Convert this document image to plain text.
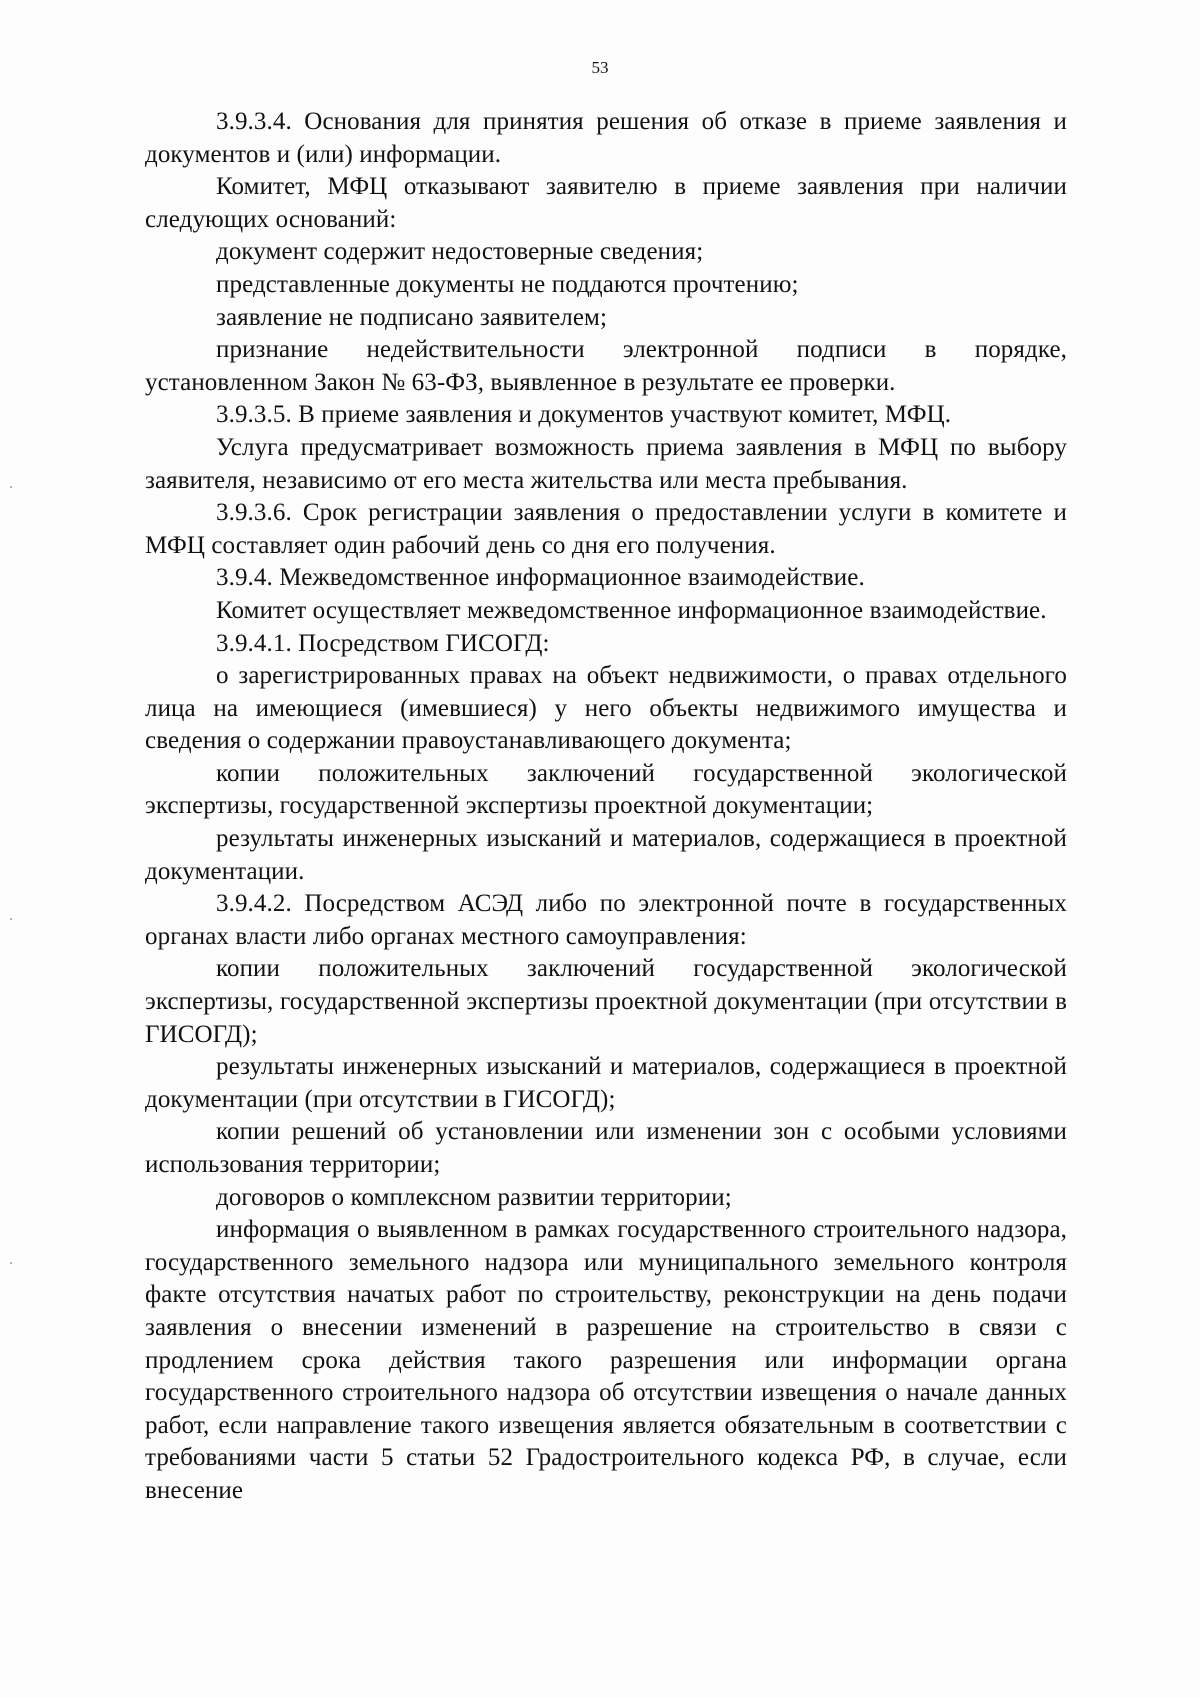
53

3.9.3.4. Основания для принятия решения об отказе в приеме заявления и документов и (или) информации.

Комитет, МФЦ отказывают заявителю в приеме заявления при наличии следующих оснований:

документ содержит недостоверные сведения;

представленные документы не поддаются прочтению;

заявление не подписано заявителем;

признание недействительности электронной подписи в порядке, установленном Закон № 63-ФЗ, выявленное в результате ее проверки.

3.9.3.5. В приеме заявления и документов участвуют комитет, МФЦ.

Услуга предусматривает возможность приема заявления в МФЦ по выбору заявителя, независимо от его места жительства или места пребывания.

3.9.3.6. Срок регистрации заявления о предоставлении услуги в комитете и МФЦ составляет один рабочий день со дня его получения.

3.9.4. Межведомственное информационное взаимодействие.

Комитет осуществляет межведомственное информационное взаимодействие.

3.9.4.1. Посредством ГИСОГД:

о зарегистрированных правах на объект недвижимости, о правах отдельного лица на имеющиеся (имевшиеся) у него объекты недвижимого имущества и сведения о содержании правоустанавливающего документа;

копии положительных заключений государственной экологической экспертизы, государственной экспертизы проектной документации;

результаты инженерных изысканий и материалов, содержащиеся в проектной документации.

3.9.4.2. Посредством АСЭД либо по электронной почте в государственных органах власти либо органах местного самоуправления:

копии положительных заключений государственной экологической экспертизы, государственной экспертизы проектной документации (при отсутствии в ГИСОГД);

результаты инженерных изысканий и материалов, содержащиеся в проектной документации (при отсутствии в ГИСОГД);

копии решений об установлении или изменении зон с особыми условиями использования территории;

договоров о комплексном развитии территории;

информация о выявленном в рамках государственного строительного надзора, государственного земельного надзора или муниципального земельного контроля факте отсутствия начатых работ по строительству, реконструкции на день подачи заявления о внесении изменений в разрешение на строительство в связи с продлением срока действия такого разрешения или информации органа государственного строительного надзора об отсутствии извещения о начале данных работ, если направление такого извещения является обязательным в соответствии с требованиями части 5 статьи 52 Градостроительного кодекса РФ, в случае, если внесение
